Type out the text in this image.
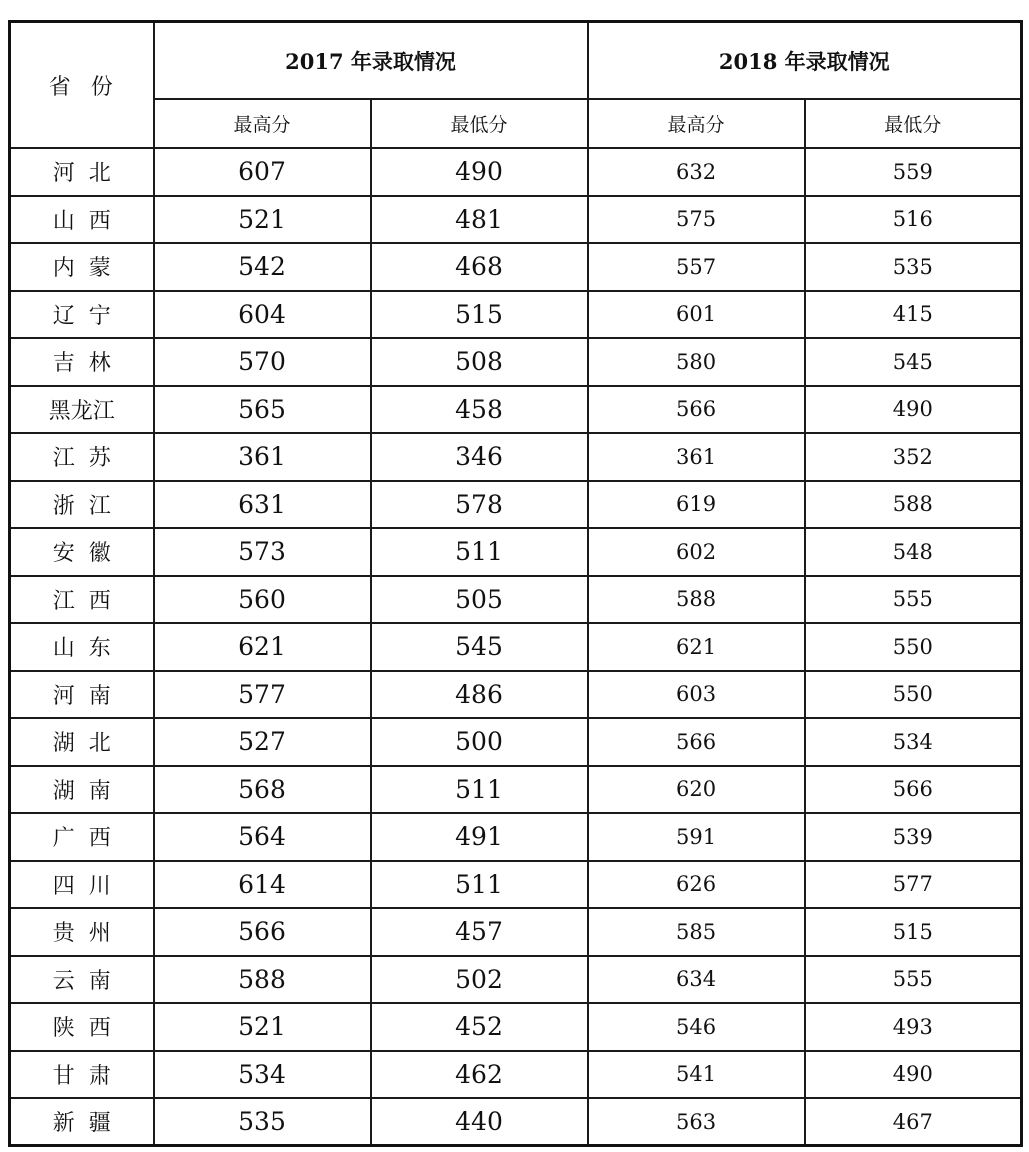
省  份	2017 年录取情况		2018 年录取情况	
	最高分	最低分	最高分	最低分
河  北	607	490	632	559
山  西	521	481	575	516
内  蒙	542	468	557	535
辽  宁	604	515	601	415
吉  林	570	508	580	545
黑龙江	565	458	566	490
江  苏	361	346	361	352
浙  江	631	578	619	588
安  徽	573	511	602	548
江  西	560	505	588	555
山  东	621	545	621	550
河  南	577	486	603	550
湖  北	527	500	566	534
湖  南	568	511	620	566
广  西	564	491	591	539
四  川	614	511	626	577
贵  州	566	457	585	515
云  南	588	502	634	555
陕  西	521	452	546	493
甘  肃	534	462	541	490
新  疆	535	440	563	467
